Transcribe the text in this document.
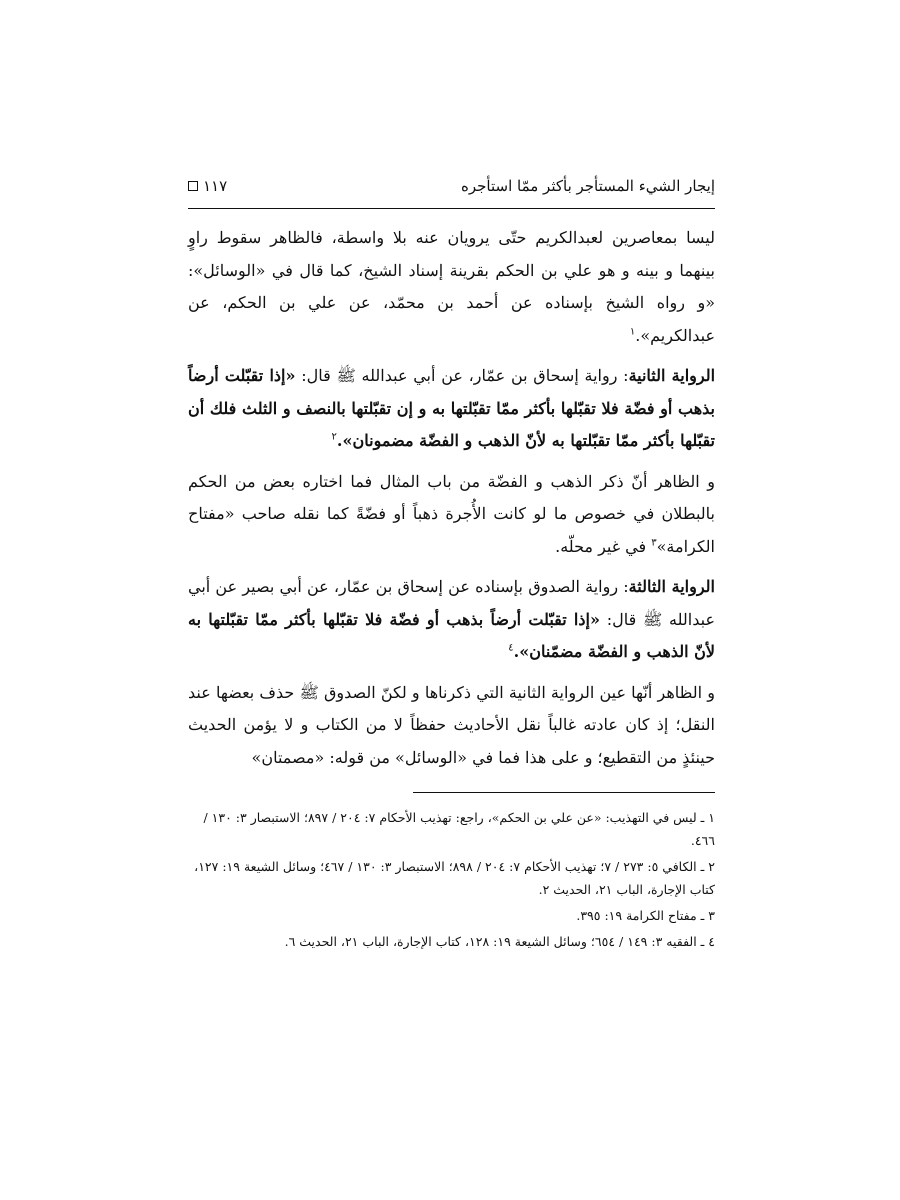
إيجار الشيء المستأجر بأكثر ممّا استأجره
١١٧

ليسا بمعاصرين لعبدالكريم حتّى يرويان عنه بلا واسطة، فالظاهر سقوط راوٍ بينهما و بينه و هو علي بن الحكم بقرينة إسناد الشيخ، كما قال في «الوسائل»: «و رواه الشيخ بإسناده عن أحمد بن محمّد، عن علي بن الحكم، عن عبدالكريم».$^١$

الرواية الثانية: رواية إسحاق بن عمّار، عن أبي عبدالله ﷺ قال: «إذا تقبّلت أرضاً بذهب أو فضّة فلا تقبّلها بأكثر ممّا تقبّلتها به و إن تقبّلتها بالنصف و الثلث فلك أن تقبّلها بأكثر ممّا تقبّلتها به لأنّ الذهب و الفضّة مضمونان».$^٢$

و الظاهر أنّ ذكر الذهب و الفضّة من باب المثال فما اختاره بعض من الحكم بالبطلان في خصوص ما لو كانت الأُجرة ذهباً أو فضّةً كما نقله صاحب «مفتاح الكرامة»$^٣$ في غير محلّه.

الرواية الثالثة: رواية الصدوق بإسناده عن إسحاق بن عمّار، عن أبي بصير عن أبي عبدالله ﷺ قال: «إذا تقبّلت أرضاً بذهب أو فضّة فلا تقبّلها بأكثر ممّا تقبّلتها به لأنّ الذهب و الفضّة مضمّنان».$^٤$

و الظاهر أنّها عين الرواية الثانية التي ذكرناها و لكنّ الصدوق ﷺ حذف بعضها عند النقل؛ إذ كان عادته غالباً نقل الأحاديث حفظاً لا من الكتاب و لا يؤمن الحديث حينئذٍ من التقطيع؛ و على هذا فما في «الوسائل» من قوله: «مصمتان»

١ ـ ليس في التهذيب: «عن علي بن الحكم»، راجع: تهذيب الأحكام ٧: ٢٠٤ / ٨٩٧؛ الاستبصار ٣: ١٣٠ / ٤٦٦.

٢ ـ الكافي ٥: ٢٧٣ / ٧؛ تهذيب الأحكام ٧: ٢٠٤ / ٨٩٨؛ الاستبصار ٣: ١٣٠ / ٤٦٧؛ وسائل الشيعة ١٩: ١٢٧، كتاب الإجارة، الباب ٢١، الحديث ٢.

٣ ـ مفتاح الكرامة ١٩: ٣٩٥.

٤ ـ الفقيه ٣: ١٤٩ / ٦٥٤؛ وسائل الشيعة ١٩: ١٢٨، كتاب الإجارة، الباب ٢١، الحديث ٦.
